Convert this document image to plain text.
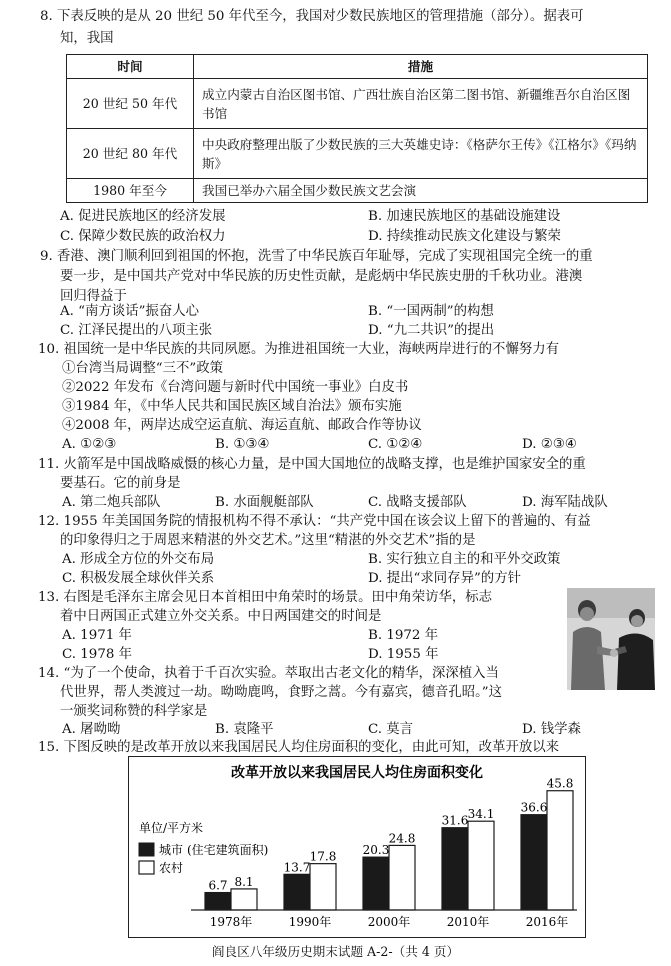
8. 下表反映的是从 20 世纪 50 年代至今，我国对少数民族地区的管理措施（部分）。据表可
知，我国
时间	措施
20 世纪 50 年代	成立内蒙古自治区图书馆、广西壮族自治区第二图书馆、新疆维吾尔自治区图书馆
20 世纪 80 年代	中央政府整理出版了少数民族的三大英雄史诗：《格萨尔王传》《江格尔》《玛纳斯》
1980 年至今	我国已举办六届全国少数民族文艺会演
A. 促进民族地区的经济发展	B. 加速民族地区的基础设施建设
C. 保障少数民族的政治权力	D. 持续推动民族文化建设与繁荣
9. 香港、澳门顺利回到祖国的怀抱，洗雪了中华民族百年耻辱，完成了实现祖国完全统一的重
要一步，是中国共产党对中华民族的历史性贡献，是彪炳中华民族史册的千秋功业。港澳
回归得益于
A. “南方谈话”振奋人心	B. “一国两制”的构想
C. 江泽民提出的八项主张	D. “九二共识”的提出
10. 祖国统一是中华民族的共同夙愿。为推进祖国统一大业，海峡两岸进行的不懈努力有
①台湾当局调整“三不”政策
②2022 年发布《台湾问题与新时代中国统一事业》白皮书
③1984 年，《中华人民共和国民族区域自治法》颁布实施
④2008 年，两岸达成空运直航、海运直航、邮政合作等协议
A. ①②③	B. ①③④	C. ①②④	D. ②③④
11. 火箭军是中国战略威慑的核心力量，是中国大国地位的战略支撑，也是维护国家安全的重
要基石。它的前身是
A. 第二炮兵部队	B. 水面舰艇部队	C. 战略支援部队	D. 海军陆战队
12. 1955 年美国国务院的情报机构不得不承认：“共产党中国在该会议上留下的普遍的、有益
的印象得归之于周恩来精湛的外交艺术。”这里“精湛的外交艺术”指的是
A. 形成全方位的外交布局	B. 实行独立自主的和平外交政策
C. 积极发展全球伙伴关系	D. 提出“求同存异”的方针
13. 右图是毛泽东主席会见日本首相田中角荣时的场景。田中角荣访华，标志
着中日两国正式建立外交关系。中日两国建交的时间是
A. 1971 年	B. 1972 年
C. 1978 年	D. 1955 年
14. “为了一个使命，执着于千百次实验。萃取出古老文化的精华，深深植入当
代世界，帮人类渡过一劫。呦呦鹿鸣，食野之蒿。今有嘉宾，德音孔昭。”这
一颁奖词称赞的科学家是
A. 屠呦呦	B. 袁隆平	C. 莫言	D. 钱学森
15. 下图反映的是改革开放以来我国居民人均住房面积的变化，由此可知，改革开放以来
改革开放以来我国居民人均住房面积变化
单位/平方米
城市 (住宅建筑面积)
农村
6.7 8.1
13.7
17.8 20.3
24.8
31.6 34.1 36.6
45.8
1978年	1990年	2000年	2010年	2016年
阎良区八年级历史期末试题 A-2-（共 4 页）
